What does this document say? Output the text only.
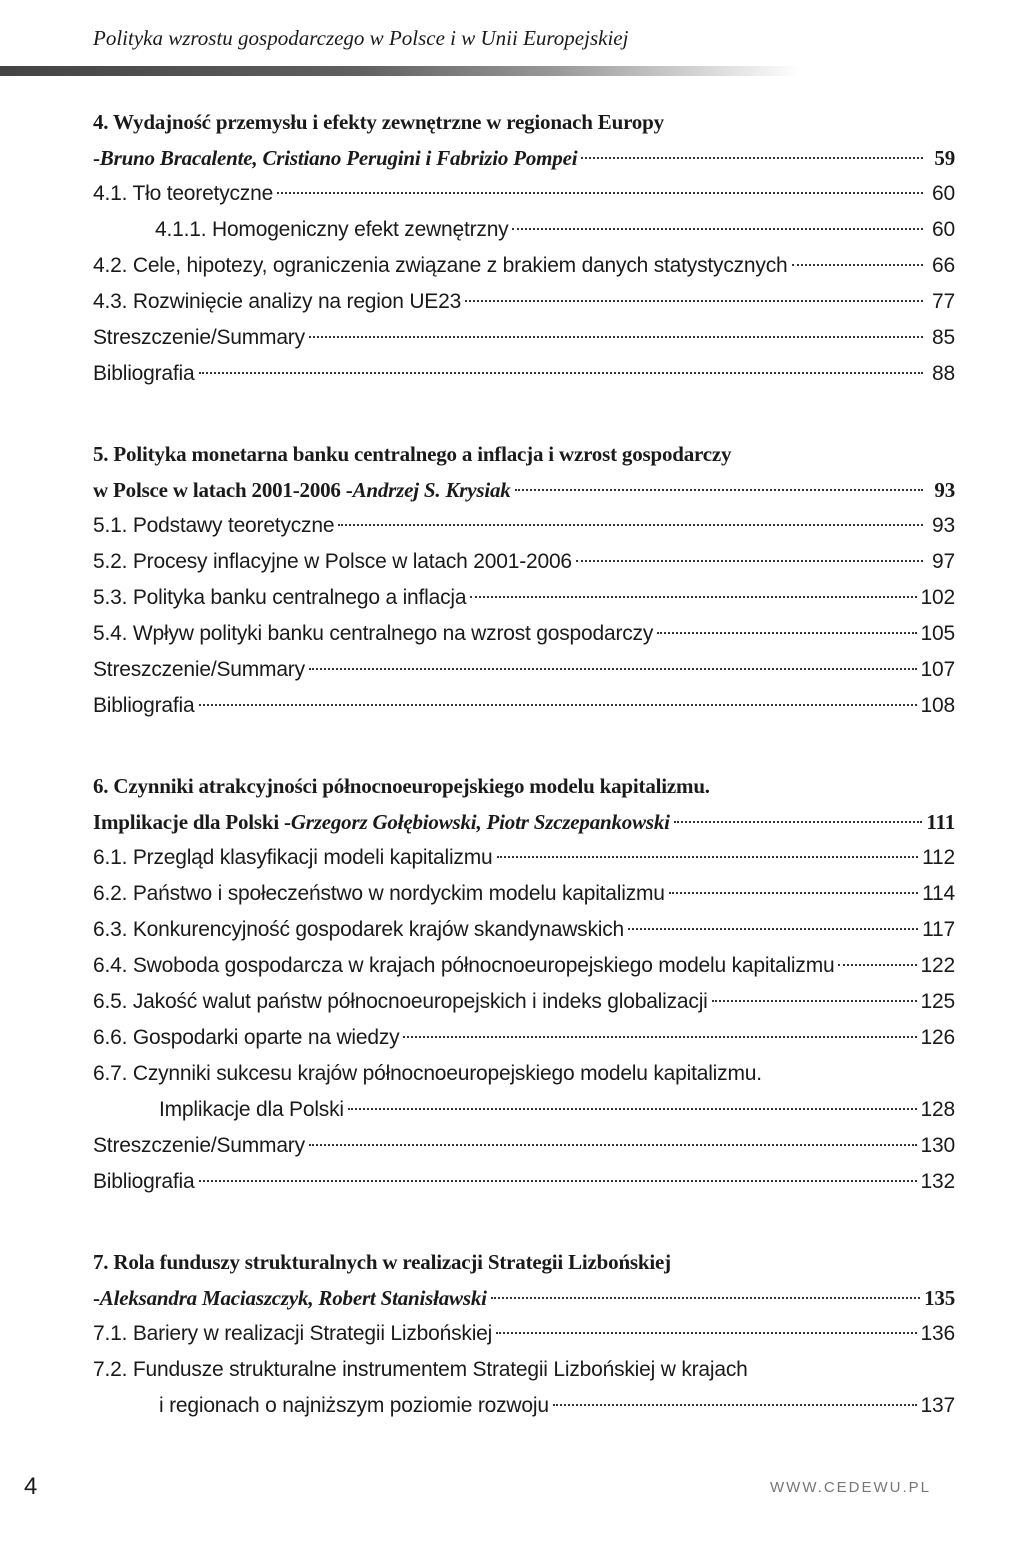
Polityka wzrostu gospodarczego w Polsce i w Unii Europejskiej
4. Wydajność przemysłu i efekty zewnętrzne w regionach Europy
- Bruno Bracalente, Cristiano Perugini i Fabrizio Pompei	59
4.1. Tło teoretyczne	60
4.1.1. Homogeniczny efekt zewnętrzny	60
4.2. Cele, hipotezy, ograniczenia związane z brakiem danych statystycznych	66
4.3. Rozwinięcie analizy na region UE23	77
Streszczenie/Summary	85
Bibliografia	88
5. Polityka monetarna banku centralnego a inflacja i wzrost gospodarczy
w Polsce w latach 2001-2006 - Andrzej S. Krysiak	93
5.1. Podstawy teoretyczne	93
5.2. Procesy inflacyjne w Polsce w latach 2001-2006	97
5.3. Polityka banku centralnego a inflacja	102
5.4. Wpływ polityki banku centralnego na wzrost gospodarczy	105
Streszczenie/Summary	107
Bibliografia	108
6. Czynniki atrakcyjności północnoeuropejskiego modelu kapitalizmu.
Implikacje dla Polski - Grzegorz Gołębiowski, Piotr Szczepankowski	111
6.1. Przegląd klasyfikacji modeli kapitalizmu	112
6.2. Państwo i społeczeństwo w nordyckim modelu kapitalizmu	114
6.3. Konkurencyjność gospodarek krajów skandynawskich	117
6.4. Swoboda gospodarcza w krajach północnoeuropejskiego modelu kapitalizmu	122
6.5. Jakość walut państw północnoeuropejskich i indeks globalizacji	125
6.6. Gospodarki oparte na wiedzy	126
6.7. Czynniki sukcesu krajów północnoeuropejskiego modelu kapitalizmu.
Implikacje dla Polski	128
Streszczenie/Summary	130
Bibliografia	132
7. Rola funduszy strukturalnych w realizacji Strategii Lizbońskiej
- Aleksandra Maciaszczyk, Robert Stanisławski	135
7.1. Bariery w realizacji Strategii Lizbońskiej	136
7.2. Fundusze strukturalne instrumentem Strategii Lizbońskiej w krajach
i regionach o najniższym poziomie rozwoju	137
4	WWW.CEDEWU.PL
